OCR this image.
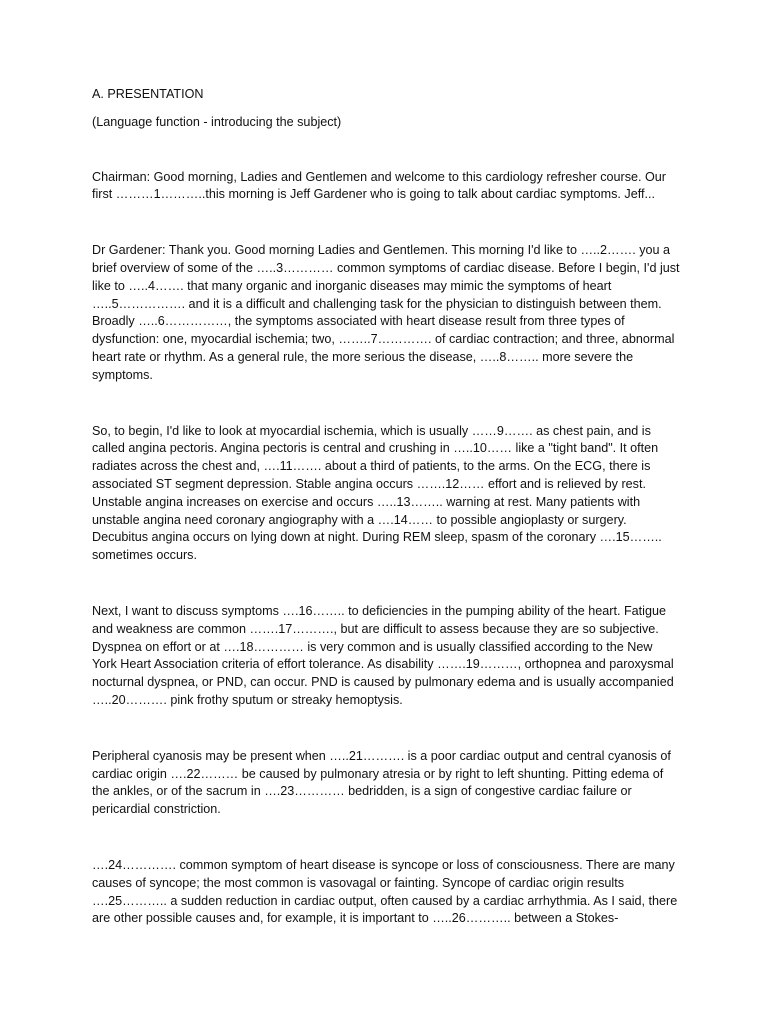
A. PRESENTATION

(Language function - introducing the subject)

Chairman: Good morning, Ladies and Gentlemen and welcome to this cardiology refresher course. Our first ………1………..this morning is Jeff Gardener who is going to talk about cardiac symptoms. Jeff...

Dr Gardener: Thank you. Good morning Ladies and Gentlemen. This morning I'd like to …..2……. you a brief overview of some of the …..3………… common symptoms of cardiac disease. Before I begin, I'd just like to …..4……. that many organic and inorganic diseases may mimic the symptoms of heart …..5……………. and it is a difficult and challenging task for the physician to distinguish between them. Broadly …..6……………, the symptoms associated with heart disease result from three types of dysfunction: one, myocardial ischemia; two, ……..7…………. of cardiac contraction; and three, abnormal heart rate or rhythm. As a general rule, the more serious the disease, …..8…….. more severe the symptoms.

So, to begin, I'd like to look at myocardial ischemia, which is usually ……9……. as chest pain, and is called angina pectoris. Angina pectoris is central and crushing in …..10…… like a "tight band". It often radiates across the chest and, ….11……. about a third of patients, to the arms. On the ECG, there is associated ST segment depression. Stable angina occurs …….12…… effort and is relieved by rest. Unstable angina increases on exercise and occurs …..13…….. warning at rest. Many patients with unstable angina need coronary angiography with a ….14…… to possible angioplasty or surgery. Decubitus angina occurs on lying down at night. During REM sleep, spasm of the coronary ….15…….. sometimes occurs.

Next, I want to discuss symptoms ….16…….. to deficiencies in the pumping ability of the heart. Fatigue and weakness are common …….17………., but are difficult to assess because they are so subjective. Dyspnea on effort or at ….18………… is very common and is usually classified according to the New York Heart Association criteria of effort tolerance. As disability …….19………, orthopnea and paroxysmal nocturnal dyspnea, or PND, can occur. PND is caused by pulmonary edema and is usually accompanied …..20………. pink frothy sputum or streaky hemoptysis.

Peripheral cyanosis may be present when …..21………. is a poor cardiac output and central cyanosis of cardiac origin ….22……… be caused by pulmonary atresia or by right to left shunting. Pitting edema of the ankles, or of the sacrum in ….23………… bedridden, is a sign of congestive cardiac failure or pericardial constriction.

….24…………. common symptom of heart disease is syncope or loss of consciousness. There are many causes of syncope; the most common is vasovagal or fainting. Syncope of cardiac origin results ….25……….. a sudden reduction in cardiac output, often caused by a cardiac arrhythmia. As I said, there are other possible causes and, for example, it is important to …..26……….. between a Stokes-
